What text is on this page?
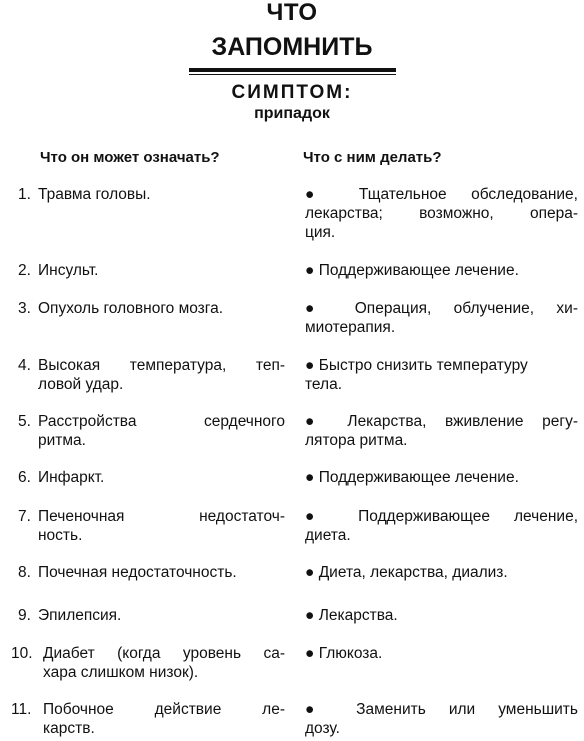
ЧТО
ЗАПОМНИТЬ
СИМПТОМ:
припадок
Что он может означать?	Что с ним делать?
1. Травма головы.	● Тщательное обследование,
лекарства; возможно, опера-
ция.
2. Инсульт.	● Поддерживающее лечение.
3. Опухоль головного мозга.	● Операция, облучение, хи-
миотерапия.
4. Высокая температура, теп-
ловой удар.
● Быстро снизить температуру
тела.
5. Расстройства сердечного
ритма.
● Лекарства, вживление регу-
лятора ритма.
6. Инфаркт.	● Поддерживающее лечение.
7. Печеночная недостаточ-
ность.
● Поддерживающее лечение,
диета.
8. Почечная недостаточность.	● Диета, лекарства, диализ.
9. Эпилепсия.	● Лекарства.
10. Диабет (когда уровень са-
хара слишком низок).
● Глюкоза.
11. Побочное действие ле-
карств.
● Заменить или уменьшить
дозу.
